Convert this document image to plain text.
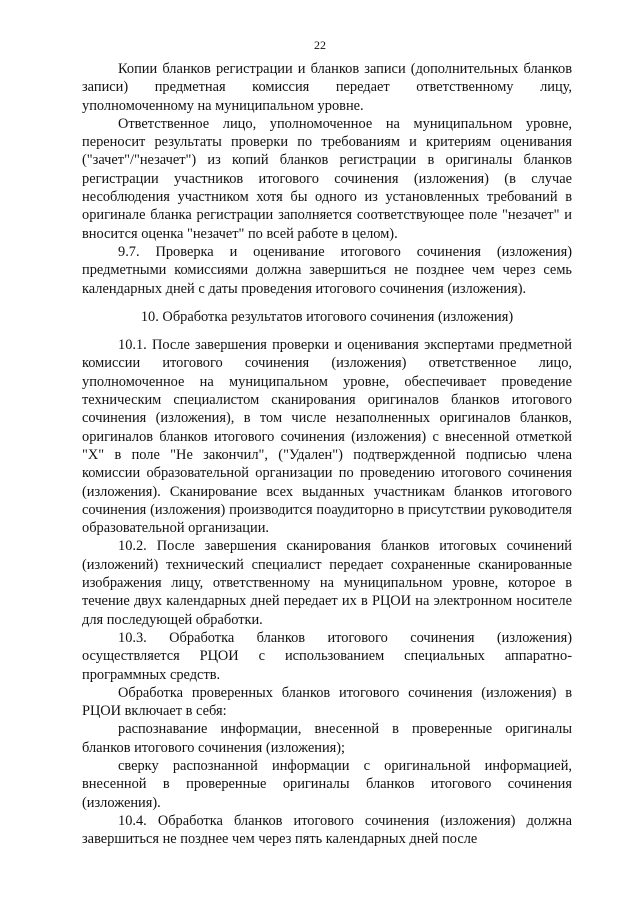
22

Копии бланков регистрации и бланков записи (дополнительных бланков записи) предметная комиссия передает ответственному лицу, уполномоченному на муниципальном уровне.

Ответственное лицо, уполномоченное на муниципальном уровне, переносит результаты проверки по требованиям и критериям оценивания ("зачет"/"незачет") из копий бланков регистрации в оригиналы бланков регистрации участников итогового сочинения (изложения) (в случае несоблюдения участником хотя бы одного из установленных требований в оригинале бланка регистрации заполняется соответствующее поле "незачет" и вносится оценка "незачет" по всей работе в целом).

9.7. Проверка и оценивание итогового сочинения (изложения) предметными комиссиями должна завершиться не позднее чем через семь календарных дней с даты проведения итогового сочинения (изложения).

10. Обработка результатов итогового сочинения (изложения)

10.1. После завершения проверки и оценивания экспертами предметной комиссии итогового сочинения (изложения) ответственное лицо, уполномоченное на муниципальном уровне, обеспечивает проведение техническим специалистом сканирования оригиналов бланков итогового сочинения (изложения), в том числе незаполненных оригиналов бланков, оригиналов бланков итогового сочинения (изложения) с внесенной отметкой "Х" в поле "Не закончил", ("Удален") подтвержденной подписью члена комиссии образовательной организации по проведению итогового сочинения (изложения). Сканирование всех выданных участникам бланков итогового сочинения (изложения) производится поаудиторно в присутствии руководителя образовательной организации.

10.2. После завершения сканирования бланков итоговых сочинений (изложений) технический специалист передает сохраненные сканированные изображения лицу, ответственному на муниципальном уровне, которое в течение двух календарных дней передает их в РЦОИ на электронном носителе для последующей обработки.

10.3. Обработка бланков итогового сочинения (изложения) осуществляется РЦОИ с использованием специальных аппаратно-программных средств.

Обработка проверенных бланков итогового сочинения (изложения) в РЦОИ включает в себя:

распознавание информации, внесенной в проверенные оригиналы бланков итогового сочинения (изложения);

сверку распознанной информации с оригинальной информацией, внесенной в проверенные оригиналы бланков итогового сочинения (изложения).

10.4. Обработка бланков итогового сочинения (изложения) должна завершиться не позднее чем через пять календарных дней после
